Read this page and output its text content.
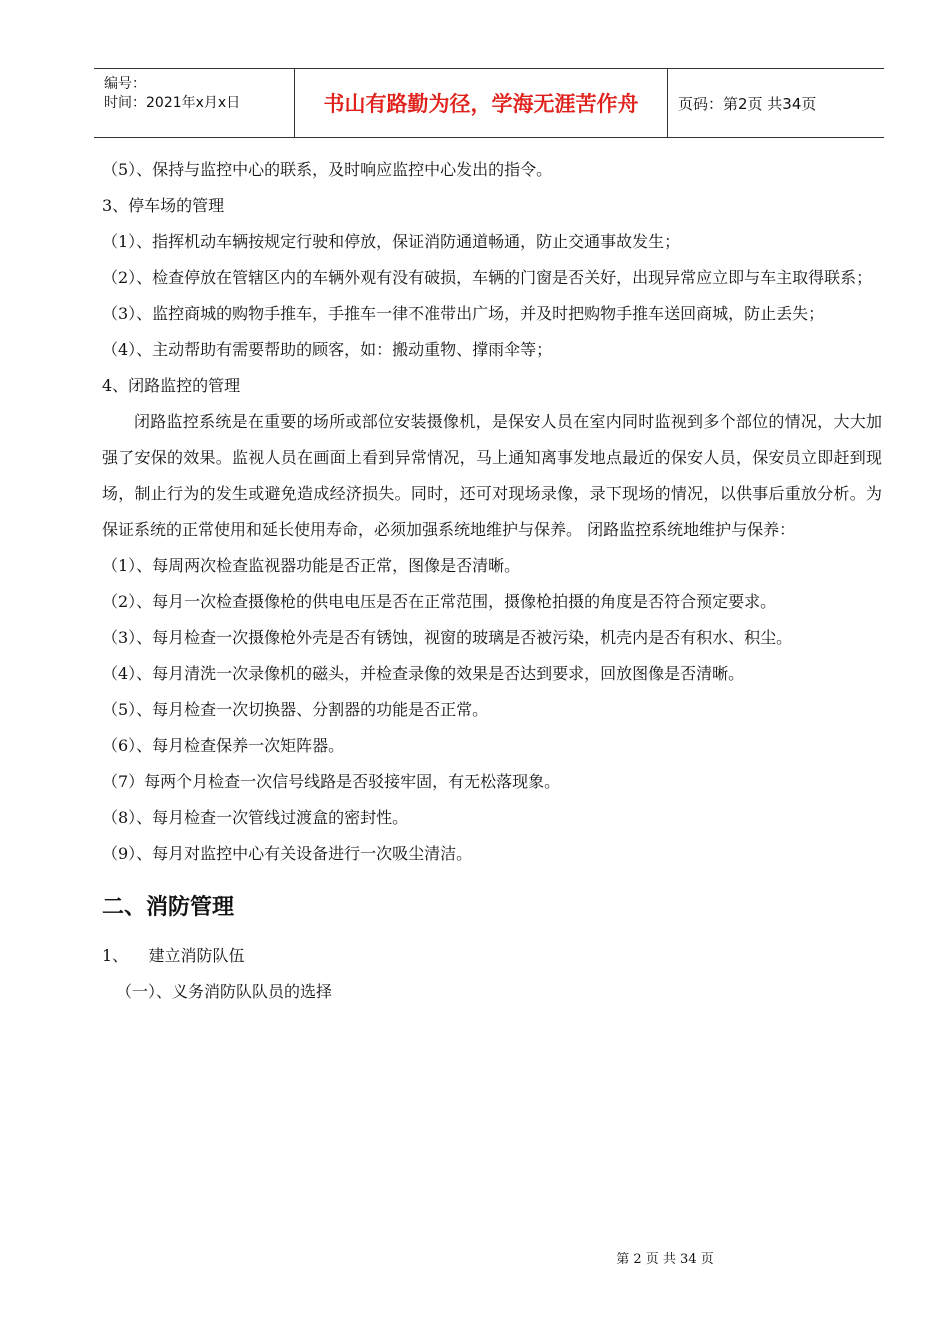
编号：
时间：2021年x月x日	书山有路勤为径，学海无涯苦作舟	页码：第2页 共34页

（5）、保持与监控中心的联系，及时响应监控中心发出的指令。

3、停车场的管理

（1）、指挥机动车辆按规定行驶和停放，保证消防通道畅通，防止交通事故发生；

（2）、检查停放在管辖区内的车辆外观有没有破损，车辆的门窗是否关好，出现异常应立即与车主取得联系；

（3）、监控商城的购物手推车，手推车一律不准带出广场，并及时把购物手推车送回商城，防止丢失；

（4）、主动帮助有需要帮助的顾客，如：搬动重物、撑雨伞等；

4、闭路监控的管理

闭路监控系统是在重要的场所或部位安装摄像机，是保安人员在室内同时监视到多个部位的情况，大大加强了安保的效果。监视人员在画面上看到异常情况，马上通知离事发地点最近的保安人员，保安员立即赶到现场，制止行为的发生或避免造成经济损失。同时，还可对现场录像，录下现场的情况，以供事后重放分析。为保证系统的正常使用和延长使用寿命，必须加强系统地维护与保养。 闭路监控系统地维护与保养：

（1）、每周两次检查监视器功能是否正常，图像是否清晰。

（2）、每月一次检查摄像枪的供电电压是否在正常范围，摄像枪拍摄的角度是否符合预定要求。

（3）、每月检查一次摄像枪外壳是否有锈蚀，视窗的玻璃是否被污染，机壳内是否有积水、积尘。

（4）、每月清洗一次录像机的磁头，并检查录像的效果是否达到要求，回放图像是否清晰。

（5）、每月检查一次切换器、分割器的功能是否正常。

（6）、每月检查保养一次矩阵器。

（7）每两个月检查一次信号线路是否驳接牢固，有无松落现象。

（8）、每月检查一次管线过渡盒的密封性。

（9）、每月对监控中心有关设备进行一次吸尘清洁。

二、消防管理

1、    建立消防队伍

（一）、义务消防队队员的选择

第 2 页 共 34 页
